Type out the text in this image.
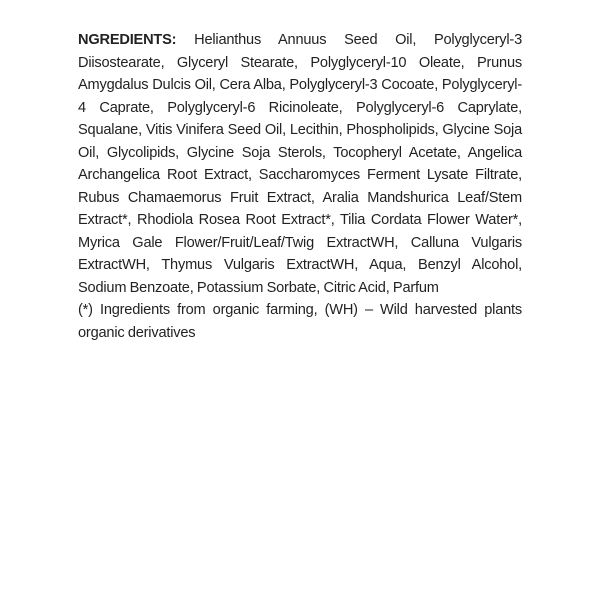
NGREDIENTS: Helianthus Annuus Seed Oil, Polyglyceryl-3 Diisostearate, Glyceryl Stearate, Polyglyceryl-10 Oleate, Prunus Amygdalus Dulcis Oil, Cera Alba, Polyglyceryl-3 Cocoate, Polyglyceryl-4 Caprate, Polyglyceryl-6 Ricinoleate, Polyglyceryl-6 Caprylate, Squalane, Vitis Vinifera Seed Oil, Lecithin, Phospholipids, Glycine Soja Oil, Glycolipids, Glycine Soja Sterols, Tocopheryl Acetate, Angelica Archangelica Root Extract, Saccharomyces Ferment Lysate Filtrate, Rubus Chamaemorus Fruit Extract, Aralia Mandshurica Leaf/Stem Extract*, Rhodiola Rosea Root Extract*, Tilia Cordata Flower Water*, Myrica Gale Flower/Fruit/Leaf/Twig ExtractWH, Calluna Vulgaris ExtractWH, Thymus Vulgaris ExtractWH, Aqua, Benzyl Alcohol, Sodium Benzoate, Potassium Sorbate, Citric Acid, Parfum

(*) Ingredients from organic farming, (WH) – Wild harvested plants organic derivatives
